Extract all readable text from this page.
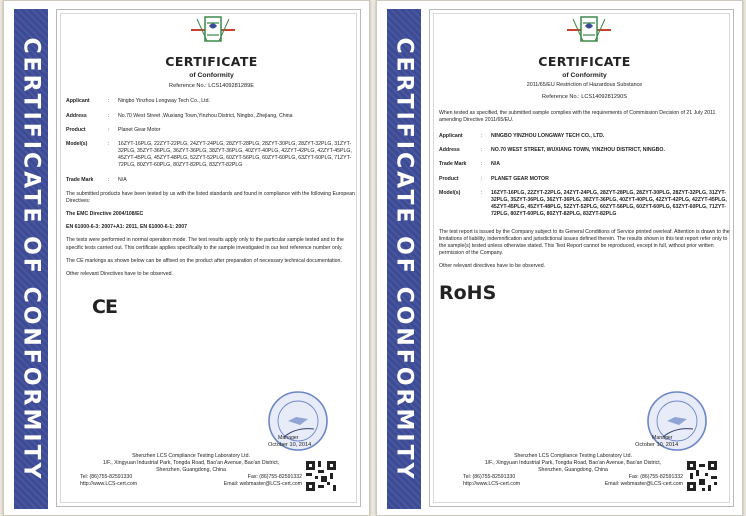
CERTIFICATE OF CONFORMITY	CERTIFICATE
of Conformity
Reference No.: LCS1409281289E
Applicant	:	Ningbo Yinzhou Longway Tech Co., Ltd.
Address	:	No.70 West Street ,Wuxiang Town,Yinzhou District, Ningbo, Zhejiang, China
Product	:	Planet Gear Motor
Model(s)	:	16ZYT-16PLG, 22ZYT-22PLG, 24ZYT-24PLG, 28ZYT-28PLG, 28ZYT-30PLG, 28ZYT-32PLG, 31ZYT-32PLG, 35ZYT-36PLG, 36ZYT-36PLG, 38ZYT-36PLG, 40ZYT-40PLG, 42ZYT-42PLG, 42ZYT-45PLG, 45ZYT-45PLG, 45ZYT-48PLG, 52ZYT-52PLG, 60ZYT-56PLG, 60ZYT-60PLG, 63ZYT-60PLG, 71ZYT-72PLG, 80ZYT-60PLG, 80ZYT-82PLG, 83ZYT-82PLG
Trade Mark	:	N/A
The submitted products have been tested by us with the listed standards and found in compliance with the following European Directives:
The EMC Directive 2004/108/EC
EN 61000-6-3: 2007+A1: 2011, EN 61000-6-1: 2007
The tests were performed in normal operation mode. The test results apply only to the particular sample tested and to the specific tests carried out. This certificate applies specifically to the sample investigated in our test reference number only.
The CE markings as shown below can be affixed on the product after preparation of necessary technical documentation.
Other relevant Directives have to be observed.
CE
Manager
October 10, 2014
Shenzhen LCS Compliance Testing Laboratory Ltd.
1/F., Xingyuan Industrial Park, Tongda Road, Bao'an Avenue, Bao'an District,
Shenzhen, Guangdong, China
Tel: (86)755-82591330	Fax: (86)755-82591332
http://www.LCS-cert.com	Email: webmaster@LCS-cert.com
CERTIFICATE OF CONFORMITY	CERTIFICATE
of Conformity
2011/65/EU Restriction of Hazardous Substance
Reference No.: LCS1409281290S
When tested as specified, the submitted sample complies with the requirements of Commission Decision of 21 July 2011 amending Directive 2011/65/EU.
Applicant	:	NINGBO YINZHOU LONGWAY TECH CO., LTD.
Address	:	NO.70 WEST STREET, WUXIANG TOWN, YINZHOU DISTRICT, NINGBO.
Trade Mark	:	N/A
Product	:	PLANET GEAR MOTOR
Model(s)	:	16ZYT-16PLG, 22ZYT-22PLG, 24ZYT-24PLG, 28ZYT-28PLG, 28ZYT-30PLG, 28ZYT-32PLG, 31ZYT-32PLG, 35ZYT-36PLG, 36ZYT-36PLG, 38ZYT-36PLG, 40ZYT-40PLG, 42ZYT-42PLG, 42ZYT-45PLG, 45ZYT-45PLG, 45ZYT-48PLG, 52ZYT-52PLG, 60ZYT-56PLG, 60ZYT-60PLG, 63ZYT-60PLG, 71ZYT-72PLG, 80ZYT-60PLG, 80ZYT-82PLG, 83ZYT-82PLG
The test report is issued by the Company subject to its General Conditions of Service printed overleaf. Attention is drawn to the limitations of liability, indemnification and jurisdictional issues defined therein. The results shown in this test report refer only to the sample(s) tested unless otherwise stated. This Test Report cannot be reproduced, except in full, without prior written permission of the Company.
Other relevant directives have to be observed.
RoHS
Manager
October 10, 2014
Shenzhen LCS Compliance Testing Laboratory Ltd.
1/F., Xingyuan Industrial Park, Tongda Road, Bao'an Avenue, Bao'an District,
Shenzhen, Guangdong, China
Tel: (86)755-82591330	Fax: (86)755-82591332
http://www.LCS-cert.com	Email: webmaster@LCS-cert.com
